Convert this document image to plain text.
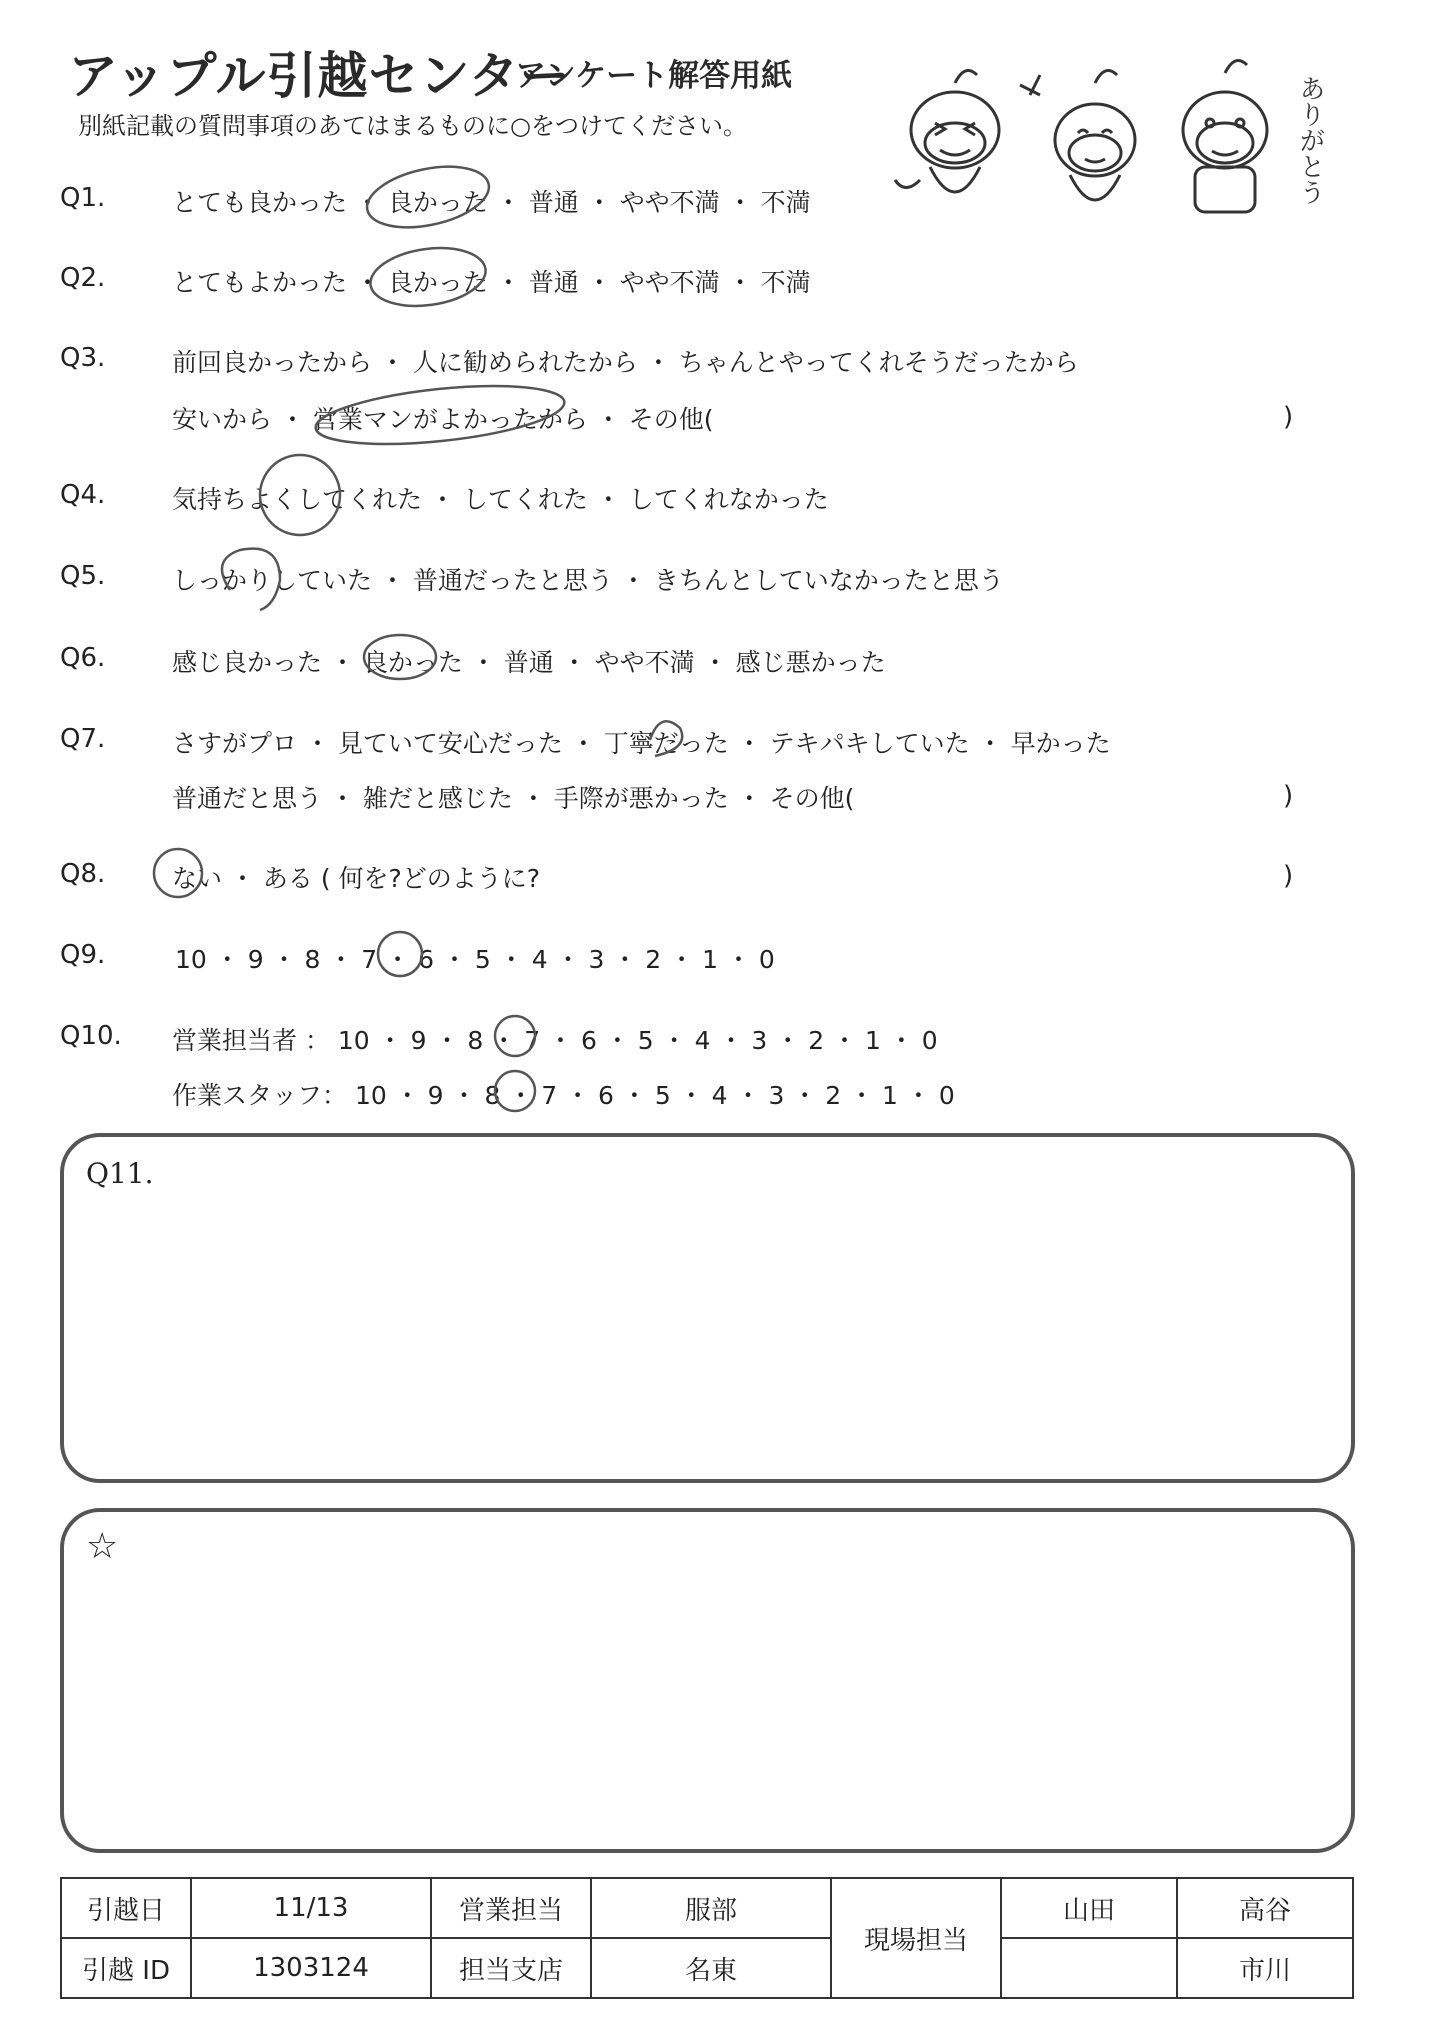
アップル引越センター
アンケート解答用紙
別紙記載の質問事項のあてはまるものに○をつけてください。	ありがとう
Q1.	とても良かった ・ 良かった ・ 普通 ・ やや不満 ・ 不満
Q2.	とてもよかった ・ 良かった ・ 普通 ・ やや不満 ・ 不満
Q3.	前回良かったから ・ 人に勧められたから ・ ちゃんとやってくれそうだったから
安いから ・ 営業マンがよかったから ・ その他(	)
Q4.	気持ちよくしてくれた ・ してくれた ・ してくれなかった
Q5.	しっかりしていた ・ 普通だったと思う ・ きちんとしていなかったと思う
Q6.	感じ良かった ・ 良かった ・ 普通 ・ やや不満 ・ 感じ悪かった
Q7.	さすがプロ ・ 見ていて安心だった ・ 丁寧だった ・ テキパキしていた ・ 早かった
普通だと思う ・ 雑だと感じた ・ 手際が悪かった ・ その他(	)
Q8.	ない ・ ある ( 何を?どのように?	)
Q9.	10 ・ 9 ・ 8 ・ 7 ・ 6 ・ 5 ・ 4 ・ 3 ・ 2 ・ 1 ・ 0
Q10. 営業担当者 ： 10 ・ 9 ・ 8 ・ 7 ・ 6 ・ 5 ・ 4 ・ 3 ・ 2 ・ 1 ・ 0
作業スタッフ： 10 ・ 9 ・ 8 ・ 7 ・ 6 ・ 5 ・ 4 ・ 3 ・ 2 ・ 1 ・ 0
Q11.
☆
引越日	11/13	営業担当	服部	現場担当	山田	高谷
引越 ID	1303124	担当支店	名東			市川
